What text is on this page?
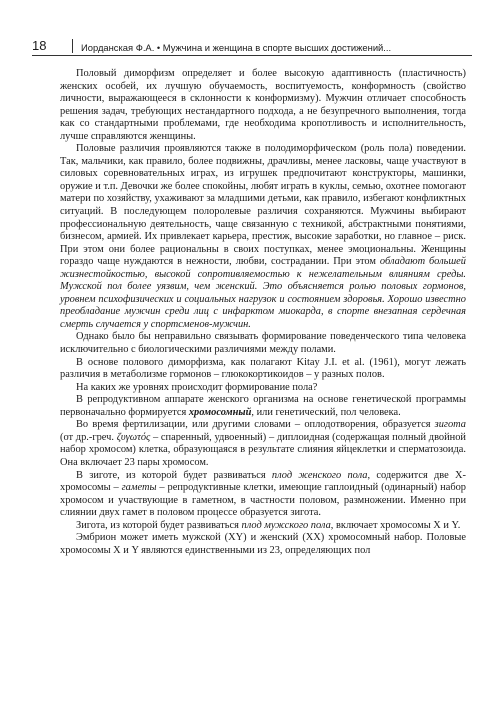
18	Иорданская Ф.А. • Мужчина и женщина в спорте высших достижений...

Половый диморфизм определяет и более высокую адаптивность (пластичность) женских особей, их лучшую обучаемость, воспитуемость, конформность (свойство личности, выражающееся в склонности к конформизму). Мужчин отличает способность решения задач, требующих нестандартного подхода, а не безупречного выполнения, тогда как со стандартными проблемами, где необходима кропотливость и исполнительность, лучше справляются женщины.

Половые различия проявляются также в полодиморфическом (роль пола) поведении. Так, мальчики, как правило, более подвижны, драчливы, менее ласковы, чаще участвуют в силовых соревновательных играх, из игрушек предпочитают конструкторы, машинки, оружие и т.п. Девочки же более спокойны, любят играть в куклы, семью, охотнее помогают матери по хозяйству, ухаживают за младшими детьми, как правило, избегают конфликтных ситуаций. В последующем полоролевые различия сохраняются. Мужчины выбирают профессиональную деятельность, чаще связанную с техникой, абстрактными понятиями, бизнесом, армией. Их привлекает карьера, престиж, высокие заработки, но главное – риск. При этом они более рациональны в своих поступках, менее эмоциональны. Женщины гораздо чаще нуждаются в нежности, любви, сострадании. При этом обладают большей жизнестойкостью, высокой сопротивляемостью к нежелательным влияниям среды. Мужской пол более уязвим, чем женский. Это объясняется ролью половых гормонов, уровнем психофизических и социальных нагрузок и состоянием здоровья. Хорошо известно преобладание мужчин среди лиц с инфарктом миокарда, в спорте внезапная сердечная смерть случается у спортсменов-мужчин.

Однако было бы неправильно связывать формирование поведенческого типа человека исключительно с биологическими различиями между полами.

В основе полового диморфизма, как полагают Kitay J.I. et al. (1961), могут лежать различия в метаболизме гормонов – глюкокортикоидов – у разных полов.

На каких же уровнях происходит формирование пола?

В репродуктивном аппарате женского организма на основе генетической программы первоначально формируется хромосомный, или генетический, пол человека.

Во время фертилизации, или другими словами – оплодотворения, образуется зигота (от др.-греч. ζυγωτός – спаренный, удвоенный) – диплоидная (содержащая полный двойной набор хромосом) клетка, образующаяся в результате слияния яйцеклетки и сперматозоида. Она включает 23 пары хромосом.

В зиготе, из которой будет развиваться плод женского пола, содержится две Х-хромосомы – гаметы – репродуктивные клетки, имеющие гаплоидный (одинарный) набор хромосом и участвующие в гаметном, в частности половом, размножении. Именно при слиянии двух гамет в половом процессе образуется зигота.

Зигота, из которой будет развиваться плод мужского пола, включает хромосомы Х и Y.

Эмбрион может иметь мужской (XY) и женский (XX) хромосомный набор. Половые хромосомы X и Y являются единственными из 23, определяющих пол
